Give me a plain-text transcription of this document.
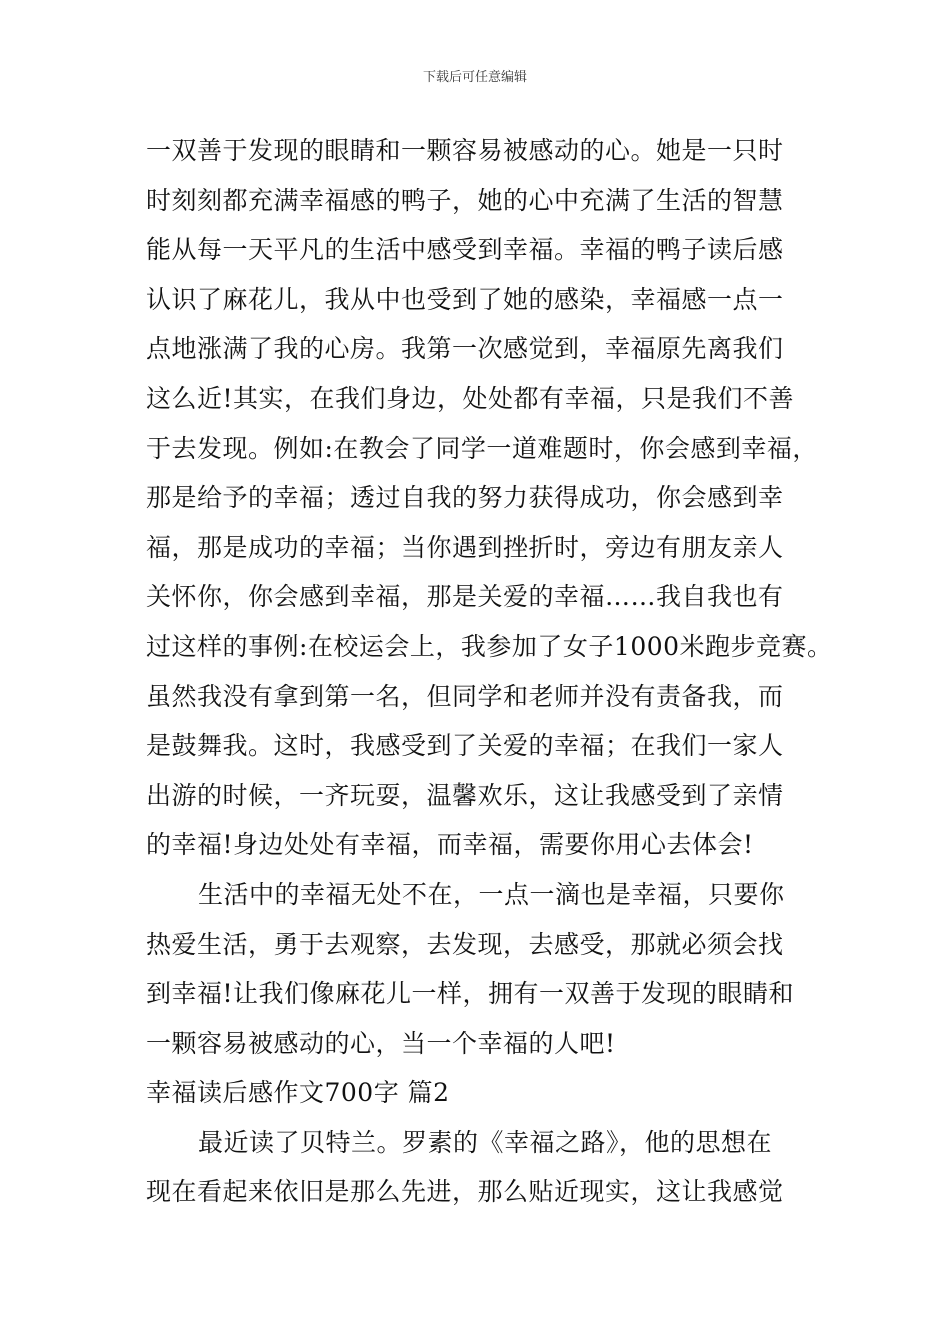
下载后可任意编辑
一双善于发现的眼睛和一颗容易被感动的心。她是一只时
时刻刻都充满幸福感的鸭子，她的心中充满了生活的智慧
能从每一天平凡的生活中感受到幸福。幸福的鸭子读后感
认识了麻花儿，我从中也受到了她的感染，幸福感一点一
点地涨满了我的心房。我第一次感觉到，幸福原先离我们
这么近!其实，在我们身边，处处都有幸福，只是我们不善
于去发现。例如:在教会了同学一道难题时，你会感到幸福，
那是给予的幸福；透过自我的努力获得成功，你会感到幸
福，那是成功的幸福；当你遇到挫折时，旁边有朋友亲人
关怀你，你会感到幸福，那是关爱的幸福……我自我也有
过这样的事例:在校运会上，我参加了女子1000米跑步竞赛。
虽然我没有拿到第一名，但同学和老师并没有责备我，而
是鼓舞我。这时，我感受到了关爱的幸福；在我们一家人
出游的时候，一齐玩耍，温馨欢乐，这让我感受到了亲情
的幸福!身边处处有幸福，而幸福，需要你用心去体会!
生活中的幸福无处不在，一点一滴也是幸福，只要你
热爱生活，勇于去观察，去发现，去感受，那就必须会找
到幸福!让我们像麻花儿一样，拥有一双善于发现的眼睛和
一颗容易被感动的心，当一个幸福的人吧!
幸福读后感作文700字 篇2
最近读了贝特兰。罗素的《幸福之路》，他的思想在
现在看起来依旧是那么先进，那么贴近现实，这让我感觉
